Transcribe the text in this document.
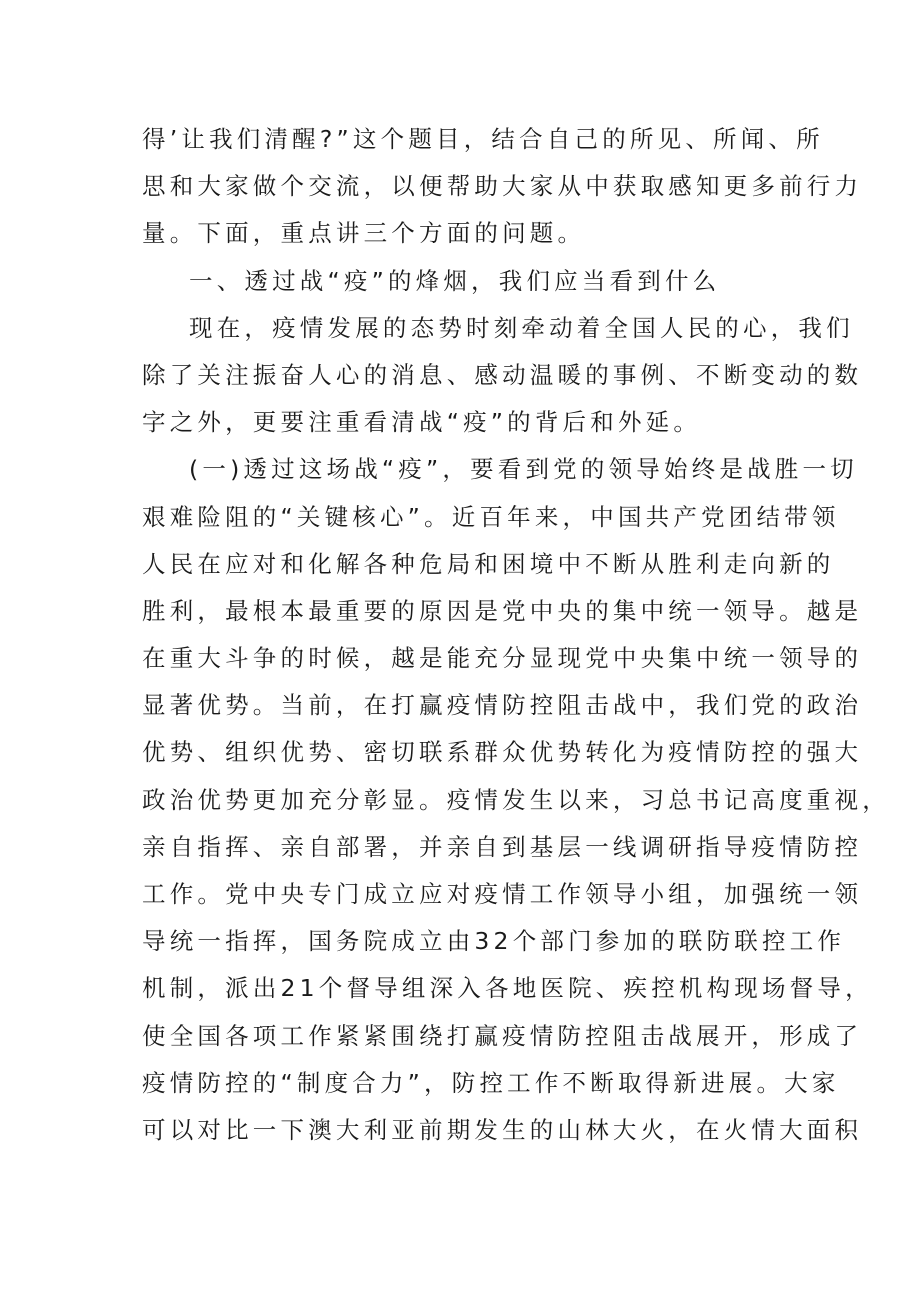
得’让我们清醒?”这个题目，结合自己的所见、所闻、所
思和大家做个交流，以便帮助大家从中获取感知更多前行力
量。下面，重点讲三个方面的问题。
一、透过战“疫”的烽烟，我们应当看到什么
现在，疫情发展的态势时刻牵动着全国人民的心，我们
除了关注振奋人心的消息、感动温暖的事例、不断变动的数
字之外，更要注重看清战“疫”的背后和外延。
(一)透过这场战“疫”，要看到党的领导始终是战胜一切
艰难险阻的“关键核心”。近百年来，中国共产党团结带领
人民在应对和化解各种危局和困境中不断从胜利走向新的
胜利，最根本最重要的原因是党中央的集中统一领导。越是
在重大斗争的时候，越是能充分显现党中央集中统一领导的
显著优势。当前，在打赢疫情防控阻击战中，我们党的政治
优势、组织优势、密切联系群众优势转化为疫情防控的强大
政治优势更加充分彰显。疫情发生以来，习总书记高度重视，
亲自指挥、亲自部署，并亲自到基层一线调研指导疫情防控
工作。党中央专门成立应对疫情工作领导小组，加强统一领
导统一指挥，国务院成立由32个部门参加的联防联控工作
机制，派出21个督导组深入各地医院、疾控机构现场督导，
使全国各项工作紧紧围绕打赢疫情防控阻击战展开，形成了
疫情防控的“制度合力”，防控工作不断取得新进展。大家
可以对比一下澳大利亚前期发生的山林大火，在火情大面积
